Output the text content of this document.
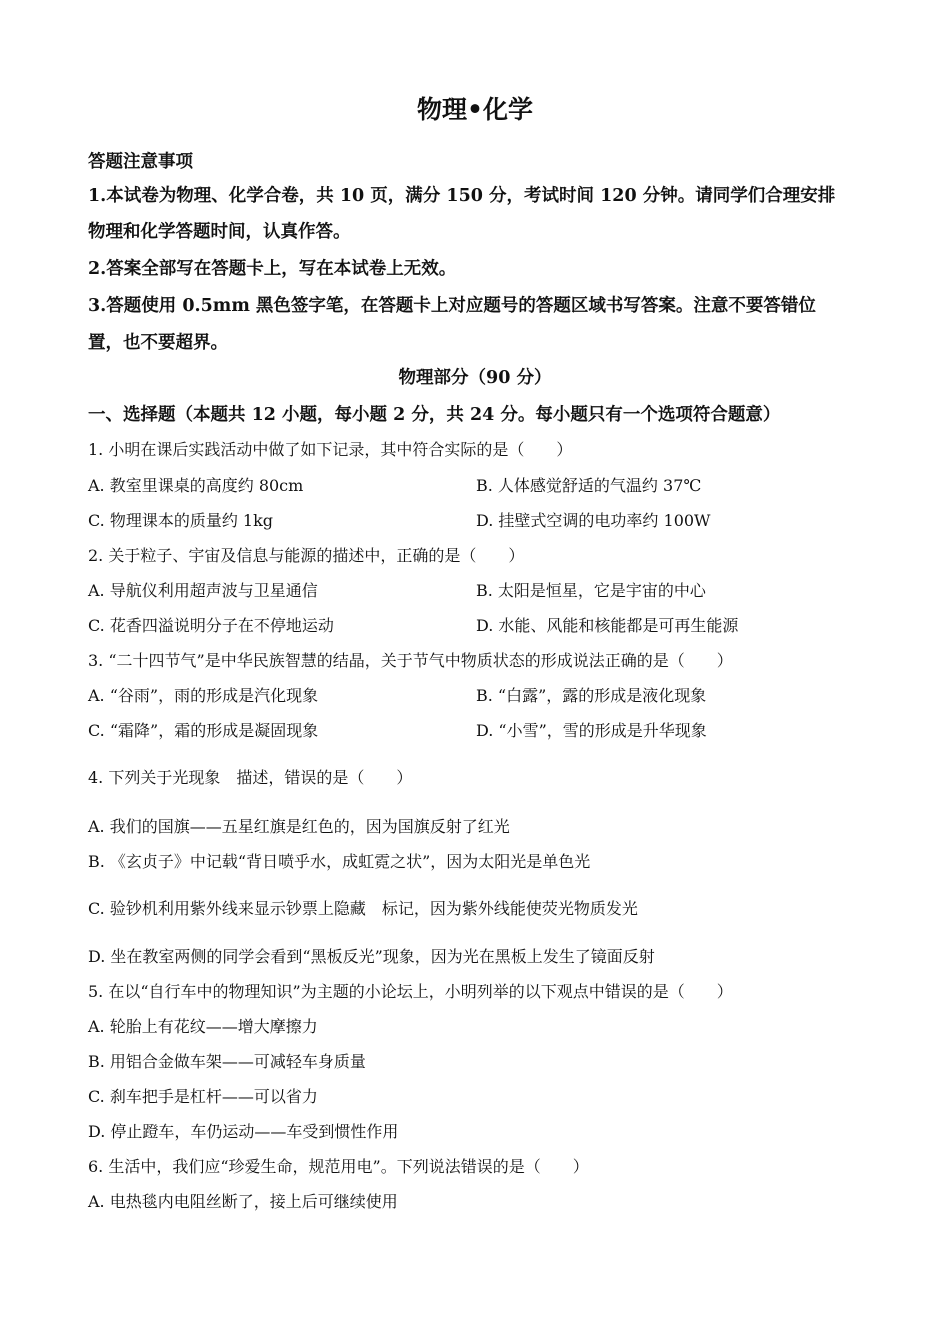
物理•化学
答题注意事项
1.本试卷为物理、化学合卷，共 10 页，满分 150 分，考试时间 120 分钟。请同学们合理安排
物理和化学答题时间，认真作答。
2.答案全部写在答题卡上，写在本试卷上无效。
3.答题使用 0.5mm 黑色签字笔，在答题卡上对应题号的答题区域书写答案。注意不要答错位
置，也不要超界。
物理部分（90 分）
一、选择题（本题共 12 小题，每小题 2 分，共 24 分。每小题只有一个选项符合题意）
1. 小明在课后实践活动中做了如下记录，其中符合实际的是（　　）
A. 教室里课桌的高度约 80cm	B. 人体感觉舒适的气温约 37℃
C. 物理课本的质量约 1kg	D. 挂壁式空调的电功率约 100W
2. 关于粒子、宇宙及信息与能源的描述中，正确的是（　　）
A. 导航仪利用超声波与卫星通信	B. 太阳是恒星，它是宇宙的中心
C. 花香四溢说明分子在不停地运动	D. 水能、风能和核能都是可再生能源
3. “二十四节气”是中华民族智慧的结晶，关于节气中物质状态的形成说法正确的是（　　）
A. “谷雨”，雨的形成是汽化现象	B. “白露”，露的形成是液化现象
C. “霜降”，霜的形成是凝固现象	D. “小雪”，雪的形成是升华现象
4. 下列关于光现象　描述，错误的是（　　）
A. 我们的国旗——五星红旗是红色的，因为国旗反射了红光
B. 《玄贞子》中记载“背日喷乎水，成虹霓之状”，因为太阳光是单色光
C. 验钞机利用紫外线来显示钞票上隐藏　标记，因为紫外线能使荧光物质发光
D. 坐在教室两侧的同学会看到“黑板反光”现象，因为光在黑板上发生了镜面反射
5. 在以“自行车中的物理知识”为主题的小论坛上，小明列举的以下观点中错误的是（　　）
A. 轮胎上有花纹——增大摩擦力
B. 用铝合金做车架——可减轻车身质量
C. 刹车把手是杠杆——可以省力
D. 停止蹬车，车仍运动——车受到惯性作用
6. 生活中，我们应“珍爱生命，规范用电”。下列说法错误的是（　　）
A. 电热毯内电阻丝断了，接上后可继续使用
